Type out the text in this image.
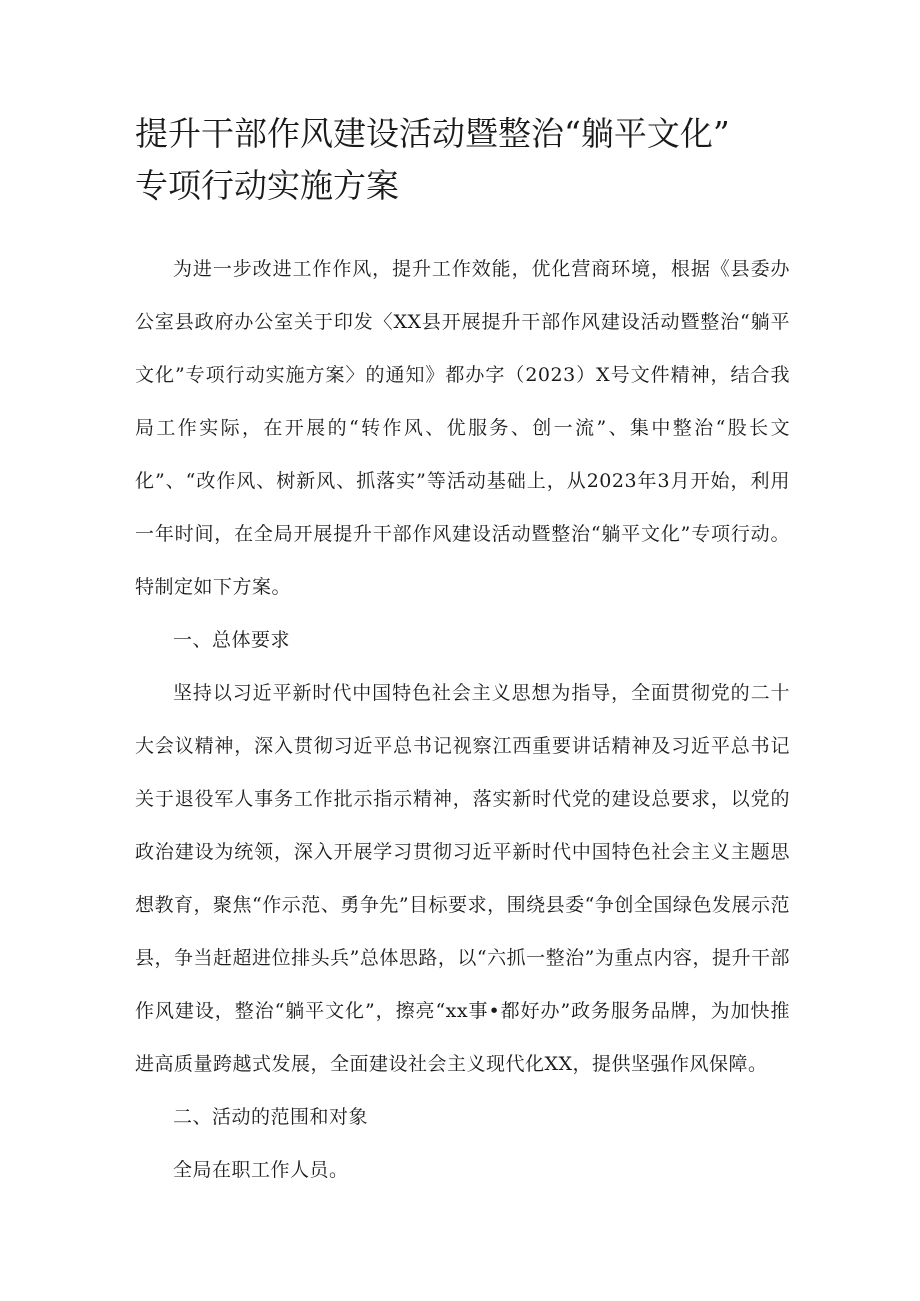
提升干部作风建设活动暨整治“躺平文化”
专项行动实施方案

为进一步改进工作作风，提升工作效能，优化营商环境，根据《县委办公室县政府办公室关于印发〈XX县开展提升干部作风建设活动暨整治“躺平文化”专项行动实施方案〉的通知》都办字（2023）X号文件精神，结合我局工作实际，在开展的“转作风、优服务、创一流”、集中整治“股长文化”、“改作风、树新风、抓落实”等活动基础上，从2023年3月开始，利用一年时间，在全局开展提升干部作风建设活动暨整治“躺平文化”专项行动。特制定如下方案。

一、总体要求

坚持以习近平新时代中国特色社会主义思想为指导，全面贯彻党的二十大会议精神，深入贯彻习近平总书记视察江西重要讲话精神及习近平总书记关于退役军人事务工作批示指示精神，落实新时代党的建设总要求，以党的政治建设为统领，深入开展学习贯彻习近平新时代中国特色社会主义主题思想教育，聚焦“作示范、勇争先”目标要求，围绕县委“争创全国绿色发展示范县，争当赶超进位排头兵”总体思路，以“六抓一整治”为重点内容，提升干部作风建设，整治“躺平文化”，擦亮“xx事•都好办”政务服务品牌，为加快推进高质量跨越式发展，全面建设社会主义现代化XX，提供坚强作风保障。

二、活动的范围和对象

全局在职工作人员。
